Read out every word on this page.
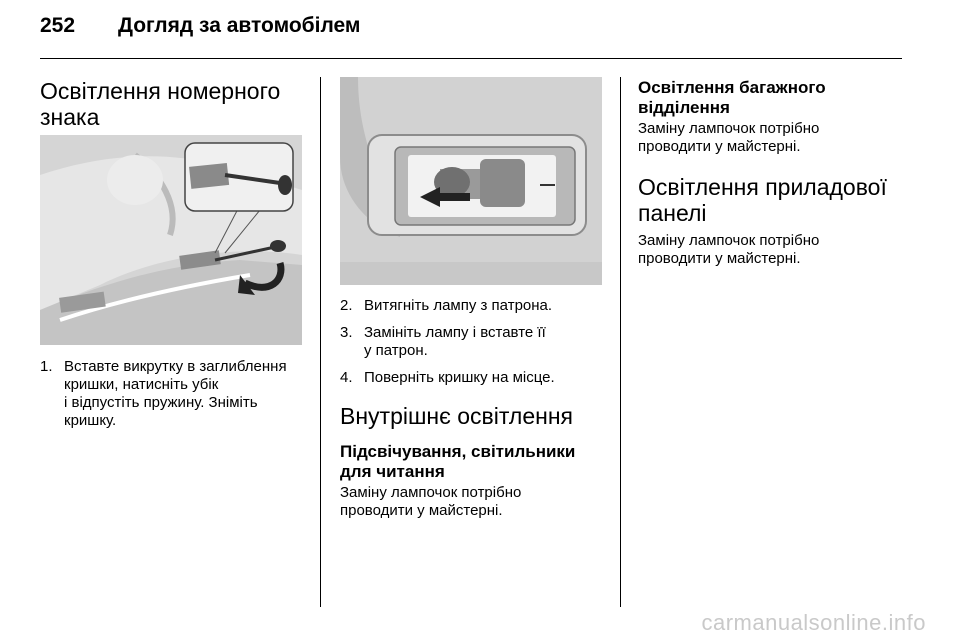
252 Догляд за автомобілем

Освітлення номерного

знака

1. Вставте викрутку в заглиблення
кришки, натисніть убік
і відпустіть пружину. Зніміть
кришку.
2. Витягніть лампу з патрона.
3. Замініть лампу і вставте її
у патрон.
4. Поверніть кришку на місце.

Внутрішнє освітлення

Підсвічування, світильники

для читання

Заміну лампочок потрібно

проводити у майстерні.

Освітлення багажного

відділення

Заміну лампочок потрібно

проводити у майстерні.

Освітлення приладової

панелі

Заміну лампочок потрібно

проводити у майстерні.

carmanualsonline.info
